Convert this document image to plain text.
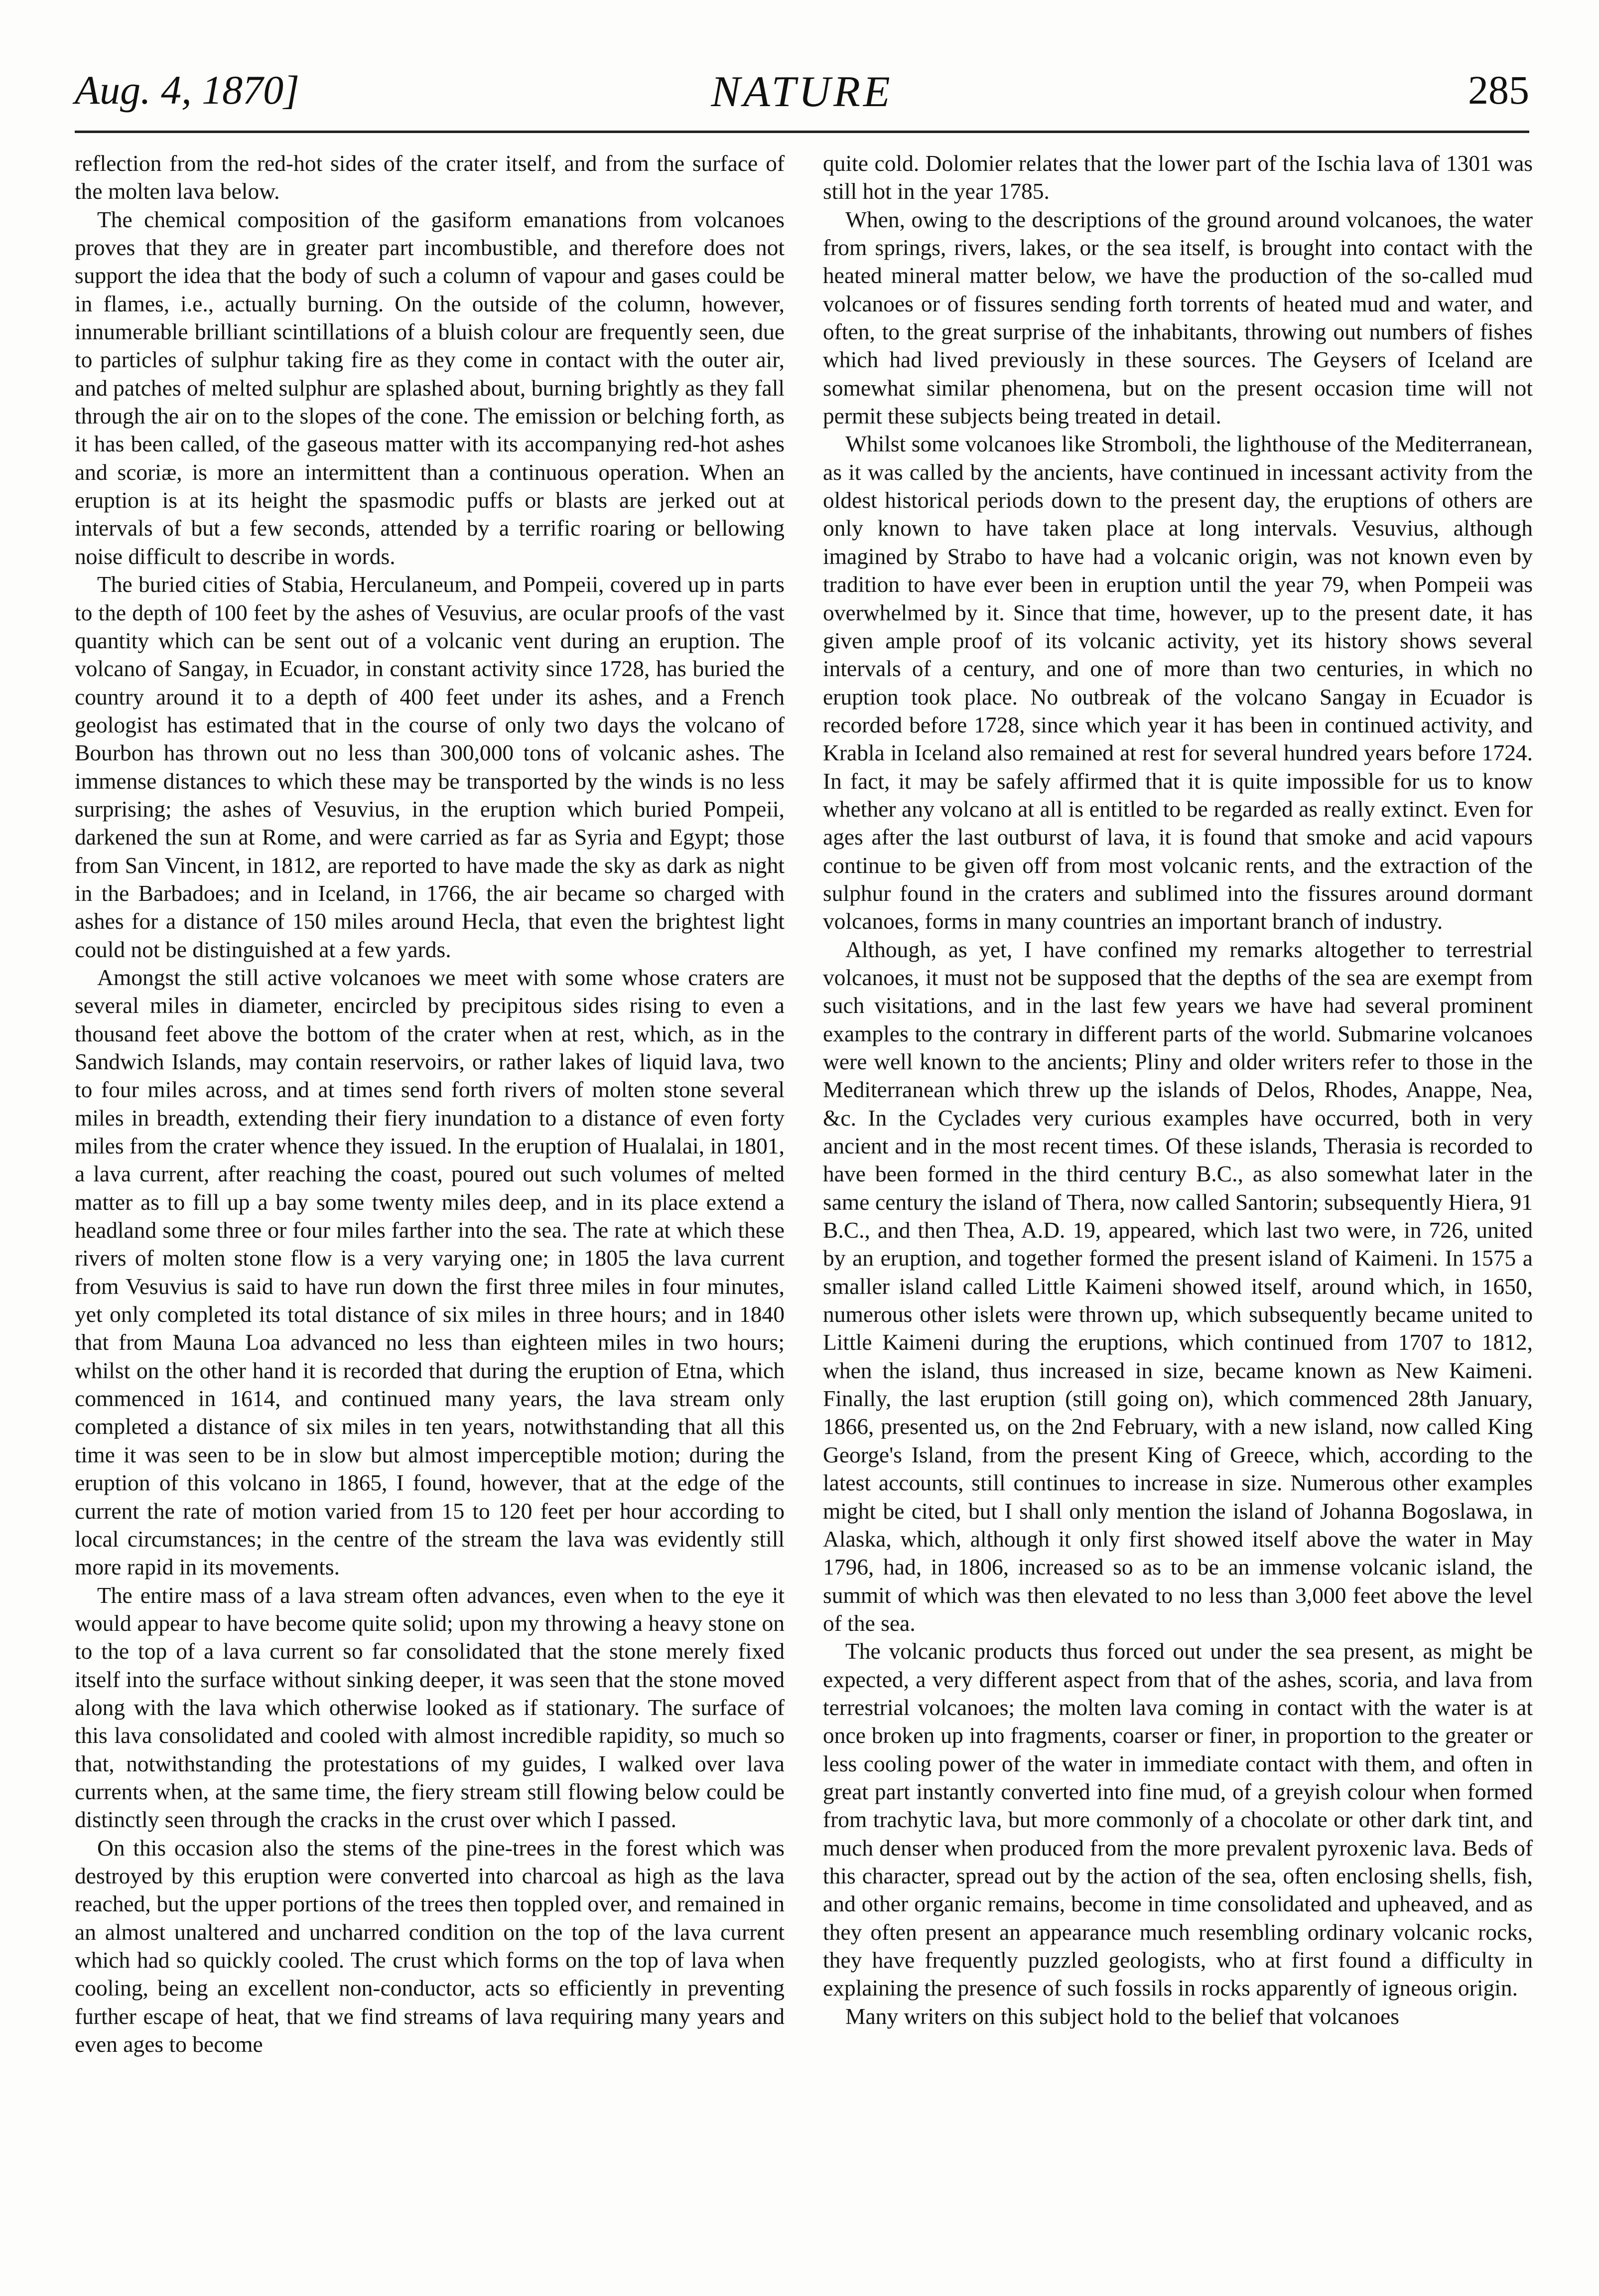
Aug. 4, 1870]	NATURE	285

reflection from the red-hot sides of the crater itself, and from the surface of the molten lava below.

The chemical composition of the gasiform emanations from volcanoes proves that they are in greater part incombustible, and therefore does not support the idea that the body of such a column of vapour and gases could be in flames, i.e., actually burning. On the outside of the column, however, innumerable brilliant scintillations of a bluish colour are frequently seen, due to particles of sulphur taking fire as they come in contact with the outer air, and patches of melted sulphur are splashed about, burning brightly as they fall through the air on to the slopes of the cone. The emission or belching forth, as it has been called, of the gaseous matter with its accompanying red-hot ashes and scoriæ, is more an intermittent than a continuous operation. When an eruption is at its height the spasmodic puffs or blasts are jerked out at intervals of but a few seconds, attended by a terrific roaring or bellowing noise difficult to describe in words.

The buried cities of Stabia, Herculaneum, and Pompeii, covered up in parts to the depth of 100 feet by the ashes of Vesuvius, are ocular proofs of the vast quantity which can be sent out of a volcanic vent during an eruption. The volcano of Sangay, in Ecuador, in constant activity since 1728, has buried the country around it to a depth of 400 feet under its ashes, and a French geologist has estimated that in the course of only two days the volcano of Bourbon has thrown out no less than 300,000 tons of volcanic ashes. The immense distances to which these may be transported by the winds is no less surprising; the ashes of Vesuvius, in the eruption which buried Pompeii, darkened the sun at Rome, and were carried as far as Syria and Egypt; those from San Vincent, in 1812, are reported to have made the sky as dark as night in the Barbadoes; and in Iceland, in 1766, the air became so charged with ashes for a distance of 150 miles around Hecla, that even the brightest light could not be distinguished at a few yards.

Amongst the still active volcanoes we meet with some whose craters are several miles in diameter, encircled by precipitous sides rising to even a thousand feet above the bottom of the crater when at rest, which, as in the Sandwich Islands, may contain reservoirs, or rather lakes of liquid lava, two to four miles across, and at times send forth rivers of molten stone several miles in breadth, extending their fiery inundation to a distance of even forty miles from the crater whence they issued. In the eruption of Hualalai, in 1801, a lava current, after reaching the coast, poured out such volumes of melted matter as to fill up a bay some twenty miles deep, and in its place extend a headland some three or four miles farther into the sea. The rate at which these rivers of molten stone flow is a very varying one; in 1805 the lava current from Vesuvius is said to have run down the first three miles in four minutes, yet only completed its total distance of six miles in three hours; and in 1840 that from Mauna Loa advanced no less than eighteen miles in two hours; whilst on the other hand it is recorded that during the eruption of Etna, which commenced in 1614, and continued many years, the lava stream only completed a distance of six miles in ten years, notwithstanding that all this time it was seen to be in slow but almost imperceptible motion; during the eruption of this volcano in 1865, I found, however, that at the edge of the current the rate of motion varied from 15 to 120 feet per hour according to local circumstances; in the centre of the stream the lava was evidently still more rapid in its movements.

The entire mass of a lava stream often advances, even when to the eye it would appear to have become quite solid; upon my throwing a heavy stone on to the top of a lava current so far consolidated that the stone merely fixed itself into the surface without sinking deeper, it was seen that the stone moved along with the lava which otherwise looked as if stationary. The surface of this lava consolidated and cooled with almost incredible rapidity, so much so that, notwithstanding the protestations of my guides, I walked over lava currents when, at the same time, the fiery stream still flowing below could be distinctly seen through the cracks in the crust over which I passed.

On this occasion also the stems of the pine-trees in the forest which was destroyed by this eruption were converted into charcoal as high as the lava reached, but the upper portions of the trees then toppled over, and remained in an almost unaltered and uncharred condition on the top of the lava current which had so quickly cooled. The crust which forms on the top of lava when cooling, being an excellent non-conductor, acts so efficiently in preventing further escape of heat, that we find streams of lava requiring many years and even ages to become

quite cold. Dolomier relates that the lower part of the Ischia lava of 1301 was still hot in the year 1785.

When, owing to the descriptions of the ground around volcanoes, the water from springs, rivers, lakes, or the sea itself, is brought into contact with the heated mineral matter below, we have the production of the so-called mud volcanoes or of fissures sending forth torrents of heated mud and water, and often, to the great surprise of the inhabitants, throwing out numbers of fishes which had lived previously in these sources. The Geysers of Iceland are somewhat similar phenomena, but on the present occasion time will not permit these subjects being treated in detail.

Whilst some volcanoes like Stromboli, the lighthouse of the Mediterranean, as it was called by the ancients, have continued in incessant activity from the oldest historical periods down to the present day, the eruptions of others are only known to have taken place at long intervals. Vesuvius, although imagined by Strabo to have had a volcanic origin, was not known even by tradition to have ever been in eruption until the year 79, when Pompeii was overwhelmed by it. Since that time, however, up to the present date, it has given ample proof of its volcanic activity, yet its history shows several intervals of a century, and one of more than two centuries, in which no eruption took place. No outbreak of the volcano Sangay in Ecuador is recorded before 1728, since which year it has been in continued activity, and Krabla in Iceland also remained at rest for several hundred years before 1724. In fact, it may be safely affirmed that it is quite impossible for us to know whether any volcano at all is entitled to be regarded as really extinct. Even for ages after the last outburst of lava, it is found that smoke and acid vapours continue to be given off from most volcanic rents, and the extraction of the sulphur found in the craters and sublimed into the fissures around dormant volcanoes, forms in many countries an important branch of industry.

Although, as yet, I have confined my remarks altogether to terrestrial volcanoes, it must not be supposed that the depths of the sea are exempt from such visitations, and in the last few years we have had several prominent examples to the contrary in different parts of the world. Submarine volcanoes were well known to the ancients; Pliny and older writers refer to those in the Mediterranean which threw up the islands of Delos, Rhodes, Anappe, Nea, &c. In the Cyclades very curious examples have occurred, both in very ancient and in the most recent times. Of these islands, Therasia is recorded to have been formed in the third century B.C., as also somewhat later in the same century the island of Thera, now called Santorin; subsequently Hiera, 91 B.C., and then Thea, A.D. 19, appeared, which last two were, in 726, united by an eruption, and together formed the present island of Kaimeni. In 1575 a smaller island called Little Kaimeni showed itself, around which, in 1650, numerous other islets were thrown up, which subsequently became united to Little Kaimeni during the eruptions, which continued from 1707 to 1812, when the island, thus increased in size, became known as New Kaimeni. Finally, the last eruption (still going on), which commenced 28th January, 1866, presented us, on the 2nd February, with a new island, now called King George's Island, from the present King of Greece, which, according to the latest accounts, still continues to increase in size. Numerous other examples might be cited, but I shall only mention the island of Johanna Bogoslawa, in Alaska, which, although it only first showed itself above the water in May 1796, had, in 1806, increased so as to be an immense volcanic island, the summit of which was then elevated to no less than 3,000 feet above the level of the sea.

The volcanic products thus forced out under the sea present, as might be expected, a very different aspect from that of the ashes, scoria, and lava from terrestrial volcanoes; the molten lava coming in contact with the water is at once broken up into fragments, coarser or finer, in proportion to the greater or less cooling power of the water in immediate contact with them, and often in great part instantly converted into fine mud, of a greyish colour when formed from trachytic lava, but more commonly of a chocolate or other dark tint, and much denser when produced from the more prevalent pyroxenic lava. Beds of this character, spread out by the action of the sea, often enclosing shells, fish, and other organic remains, become in time consolidated and upheaved, and as they often present an appearance much resembling ordinary volcanic rocks, they have frequently puzzled geologists, who at first found a difficulty in explaining the presence of such fossils in rocks apparently of igneous origin.

Many writers on this subject hold to the belief that volcanoes
